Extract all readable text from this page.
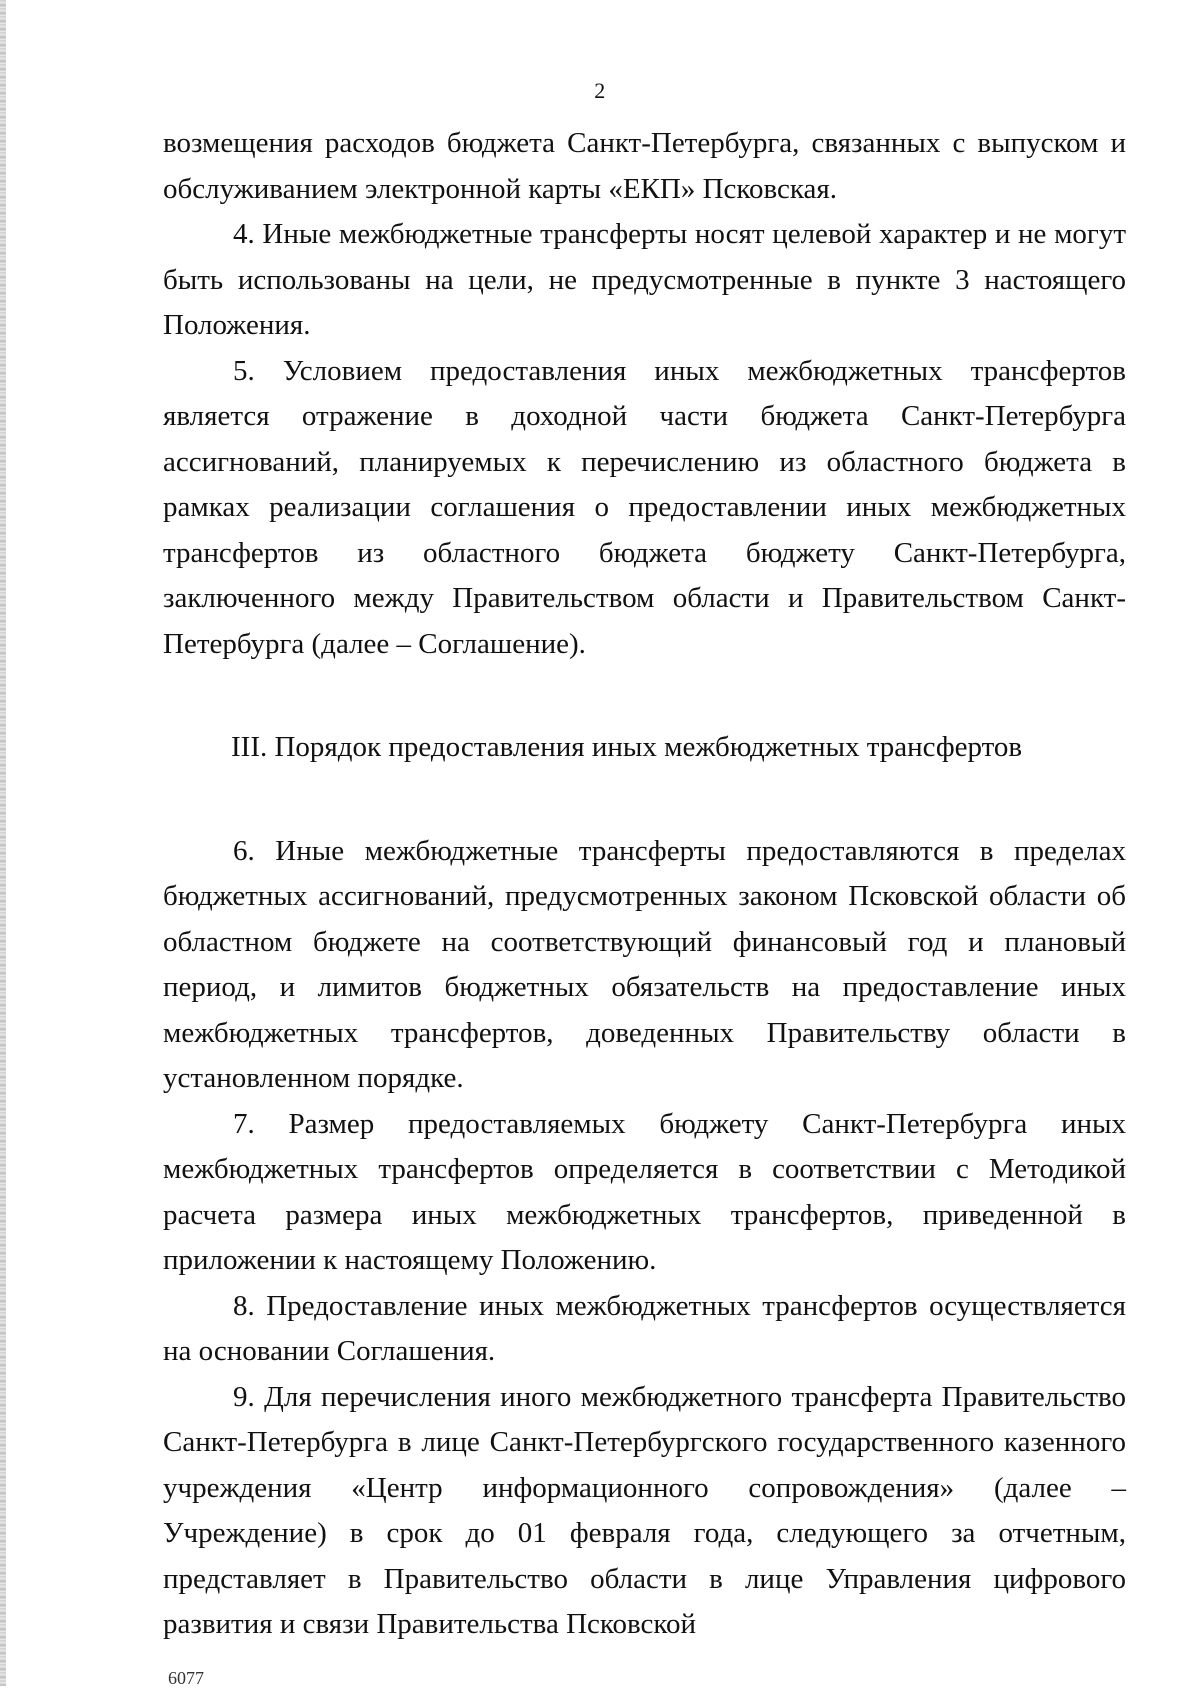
2

возмещения расходов бюджета Санкт-Петербурга, связанных с выпуском и обслуживанием электронной карты «ЕКП» Псковская.

4. Иные межбюджетные трансферты носят целевой характер и не могут быть использованы на цели, не предусмотренные в пункте 3 настоящего Положения.

5. Условием предоставления иных межбюджетных трансфертов является отражение в доходной части бюджета Санкт-Петербурга ассигнований, планируемых к перечислению из областного бюджета в рамках реализации соглашения о предоставлении иных межбюджетных трансфертов из областного бюджета бюджету Санкт-Петербурга, заключенного между Правительством области и Правительством Санкт-Петербурга (далее – Соглашение).

III. Порядок предоставления иных межбюджетных трансфертов

6. Иные межбюджетные трансферты предоставляются в пределах бюджетных ассигнований, предусмотренных законом Псковской области об областном бюджете на соответствующий финансовый год и плановый период, и лимитов бюджетных обязательств на предоставление иных межбюджетных трансфертов, доведенных Правительству области в установленном порядке.

7. Размер предоставляемых бюджету Санкт-Петербурга иных межбюджетных трансфертов определяется в соответствии с Методикой расчета размера иных межбюджетных трансфертов, приведенной в приложении к настоящему Положению.

8. Предоставление иных межбюджетных трансфертов осуществляется на основании Соглашения.

9. Для перечисления иного межбюджетного трансферта Правительство Санкт-Петербурга в лице Санкт-Петербургского государственного казенного учреждения «Центр информационного сопровождения» (далее – Учреждение) в срок до 01 февраля года, следующего за отчетным, представляет в Правительство области в лице Управления цифрового развития и связи Правительства Псковской

6077
